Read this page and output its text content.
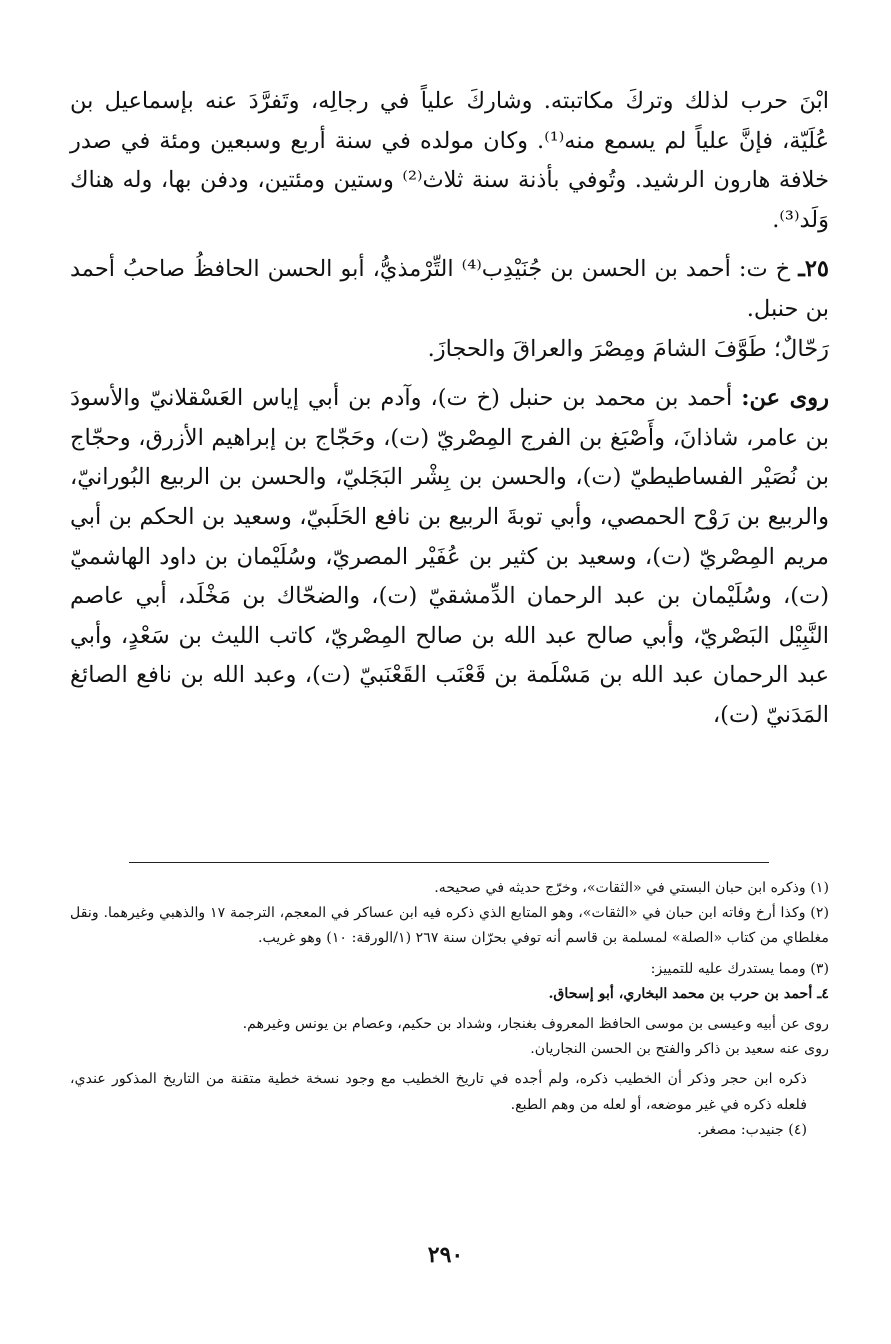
ابْنَ حرب لذلك وتركَ مكاتبته. وشاركَ علياً في رجالِه، وتَفرَّدَ عنه بإسماعيل بن عُلَيّة، فإنَّ علياً لم يسمع منه⁽¹⁾. وكان مولده في سنة أربع وسبعين ومئة في صدر خلافة هارون الرشيد. وتُوفي بأذنة سنة ثلاث⁽²⁾ وستين ومئتين، ودفن بها، وله هناك وَلَد⁽³⁾.

٢٥ـ خ ت: أحمد بن الحسن بن جُنَيْدِب⁽⁴⁾ التِّرْمذيُّ، أبو الحسن الحافظُ صاحبُ أحمد بن حنبل.

رَحّالٌ؛ طَوَّفَ الشامَ ومِصْرَ والعراقَ والحجازَ.

روى عن: أحمد بن محمد بن حنبل (خ ت)، وآدم بن أبي إياس العَسْقلانيّ والأسودَ بن عامر، شاذانَ، وأَصْبَغ بن الفرج المِصْريّ (ت)، وحَجّاج بن إبراهيم الأزرق، وحجّاج بن نُصَيْر الفساطيطيّ (ت)، والحسن بن بِشْر البَجَليّ، والحسن بن الربيع البُورانيّ، والربيع بن رَوْح الحمصي، وأبي توبةَ الربيع بن نافع الحَلَبيّ، وسعيد بن الحكم بن أبي مريم المِصْريّ (ت)، وسعيد بن كثير بن عُفَيْر المصريّ، وسُلَيْمان بن داود الهاشميّ (ت)، وسُلَيْمان بن عبد الرحمان الدِّمشقيّ (ت)، والضحّاك بن مَخْلَد، أبي عاصم النَّبِيْل البَصْريّ، وأبي صالح عبد الله بن صالح المِصْريّ، كاتب الليث بن سَعْدٍ، وأبي عبد الرحمان عبد الله بن مَسْلَمة بن قَعْنَب القَعْنَبيّ (ت)، وعبد الله بن نافع الصائغ المَدَنيّ (ت)،

(١) وذكره ابن حبان البستي في «الثقات»، وخرّج حديثه في صحيحه.

(٢) وكذا أرخ وفاته ابن حبان في «الثقات»، وهو المتابع الذي ذكره فيه ابن عساكر في المعجم، الترجمة ١٧ والذهبي وغيرهما. ونقل مغلطاي من كتاب «الصلة» لمسلمة بن قاسم أنه توفي بحرّان سنة ٢٦٧ (١/الورقة: ١٠) وهو غريب.

(٣) ومما يستدرك عليه للتمييز:

٤ـ أحمد بن حرب بن محمد البخاري، أبو إسحاق.

روى عن أبيه وعيسى بن موسى الحافظ المعروف بغنجار، وشداد بن حكيم، وعصام بن يونس وغيرهم.

روى عنه سعيد بن ذاكر والفتح بن الحسن النجاريان.

ذكره ابن حجر وذكر أن الخطيب ذكره، ولم أجده في تاريخ الخطيب مع وجود نسخة خطية متقنة من التاريخ المذكور عندي، فلعله ذكره في غير موضعه، أو لعله من وهم الطبع.

(٤) جنيدب: مصغر.

٢٩٠
